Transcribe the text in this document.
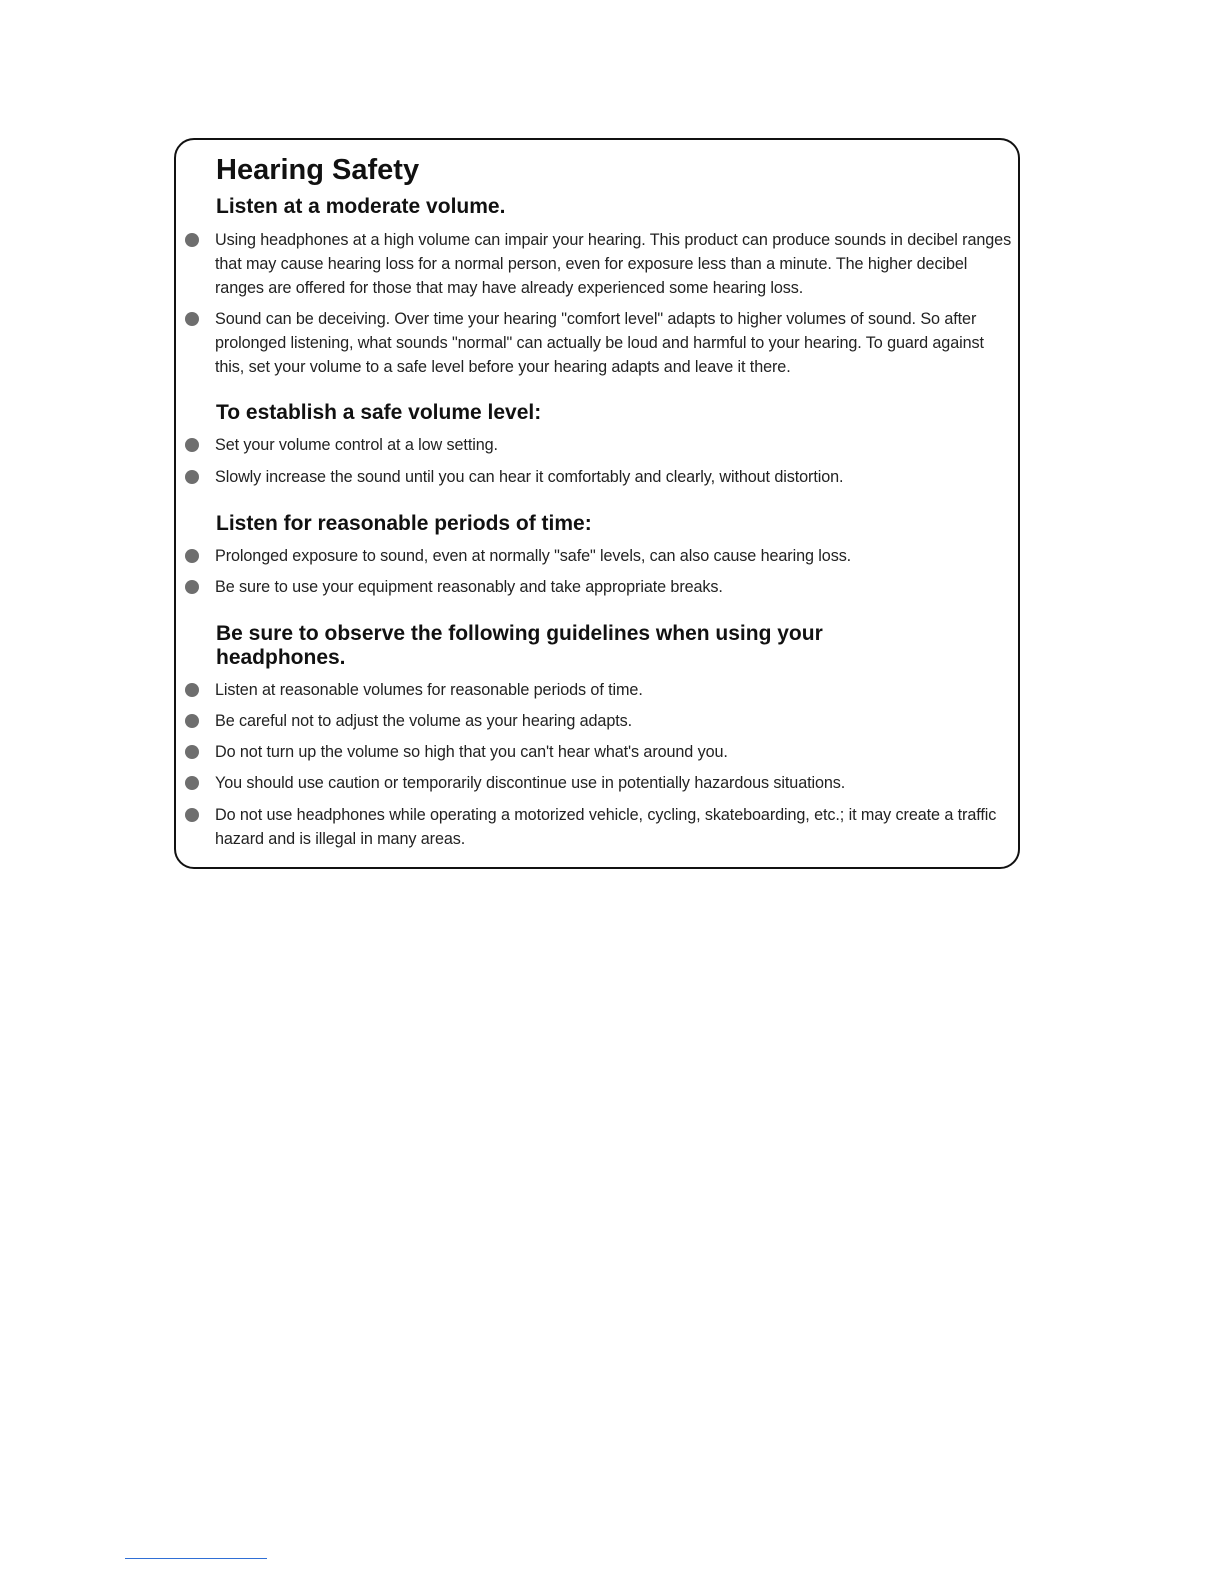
Hearing Safety
Listen at a moderate volume.
Using headphones at a high volume can impair your hearing. This product can produce sounds in decibel ranges that may cause hearing loss for a normal person, even for exposure less than a minute. The higher decibel ranges are offered for those that may have already experienced some hearing loss.
Sound can be deceiving. Over time your hearing "comfort level" adapts to higher volumes of sound. So after prolonged listening, what sounds "normal" can actually be loud and harmful to your hearing. To guard against this, set your volume to a safe level before your hearing adapts and leave it there.
To establish a safe volume level:
Set your volume control at a low setting.
Slowly increase the sound until you can hear it comfortably and clearly, without distortion.
Listen for reasonable periods of time:
Prolonged exposure to sound, even at normally "safe" levels, can also cause hearing loss.
Be sure to use your equipment reasonably and take appropriate breaks.
Be sure to observe the following guidelines when using your headphones.
Listen at reasonable volumes for reasonable periods of time.
Be careful not to adjust the volume as your hearing adapts.
Do not turn up the volume so high that you can't hear what's around you.
You should use caution or temporarily discontinue use in potentially hazardous situations.
Do not use headphones while operating a motorized vehicle, cycling, skateboarding, etc.; it may create a traffic hazard and is illegal in many areas.
